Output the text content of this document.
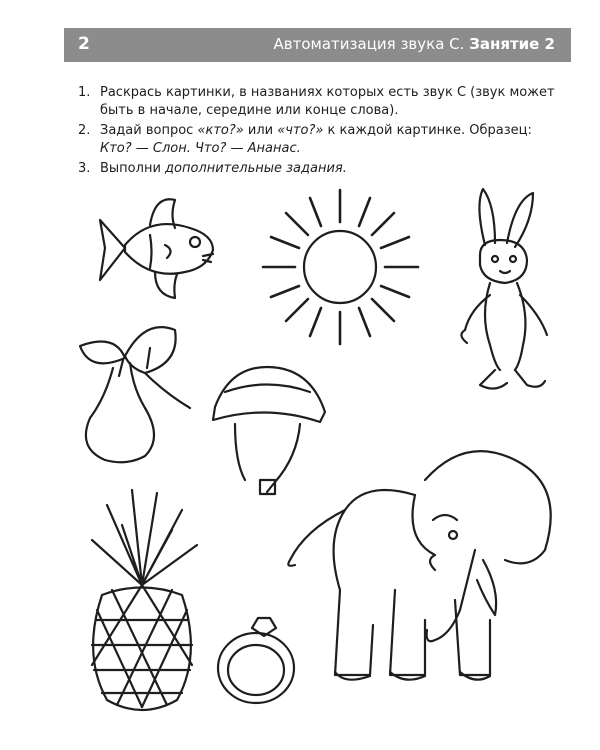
2	Автоматизация звука С. Занятие 2
1. Раскрась картинки, в названиях которых есть звук С (звук может быть в начале, середине или конце слова).
2. Задай вопрос «кто?» или «что?» к каждой картинке. Образец: Кто? — Слон. Что? — Ананас.
3. Выполни дополнительные задания.
